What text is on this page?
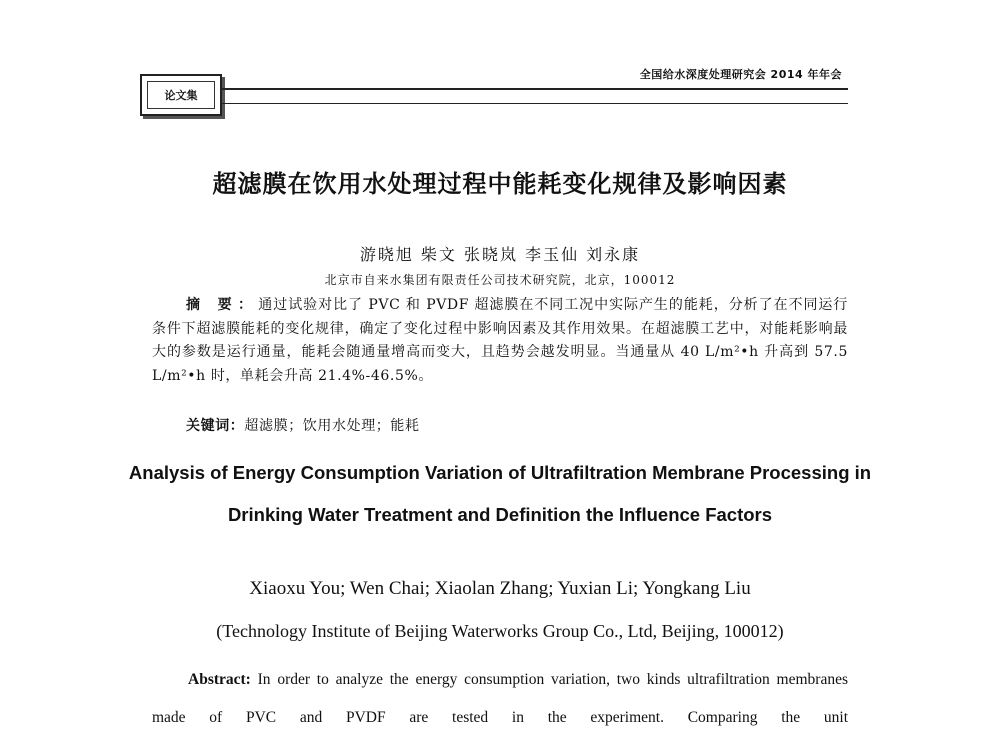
论文集
全国给水深度处理研究会 2014 年年会
超滤膜在饮用水处理过程中能耗变化规律及影响因素
游晓旭 柴文 张晓岚 李玉仙 刘永康
北京市自来水集团有限责任公司技术研究院，北京，100012
摘 要：通过试验对比了 PVC 和 PVDF 超滤膜在不同工况中实际产生的能耗，分析了在不同运行条件下超滤膜能耗的变化规律，确定了变化过程中影响因素及其作用效果。在超滤膜工艺中，对能耗影响最大的参数是运行通量，能耗会随通量增高而变大，且趋势会越发明显。当通量从 40 L/m²•h 升高到 57.5 L/m²•h 时，单耗会升高 21.4%-46.5%。
关键词：超滤膜；饮用水处理；能耗
Analysis of Energy Consumption Variation of Ultrafiltration Membrane Processing in Drinking Water Treatment and Definition the Influence Factors
Xiaoxu You; Wen Chai; Xiaolan Zhang; Yuxian Li; Yongkang Liu
(Technology Institute of Beijing Waterworks Group Co., Ltd, Beijing, 100012)
Abstract: In order to analyze the energy consumption variation, two kinds ultrafiltration membranes made of PVC and PVDF are tested in the experiment. Comparing the unit
